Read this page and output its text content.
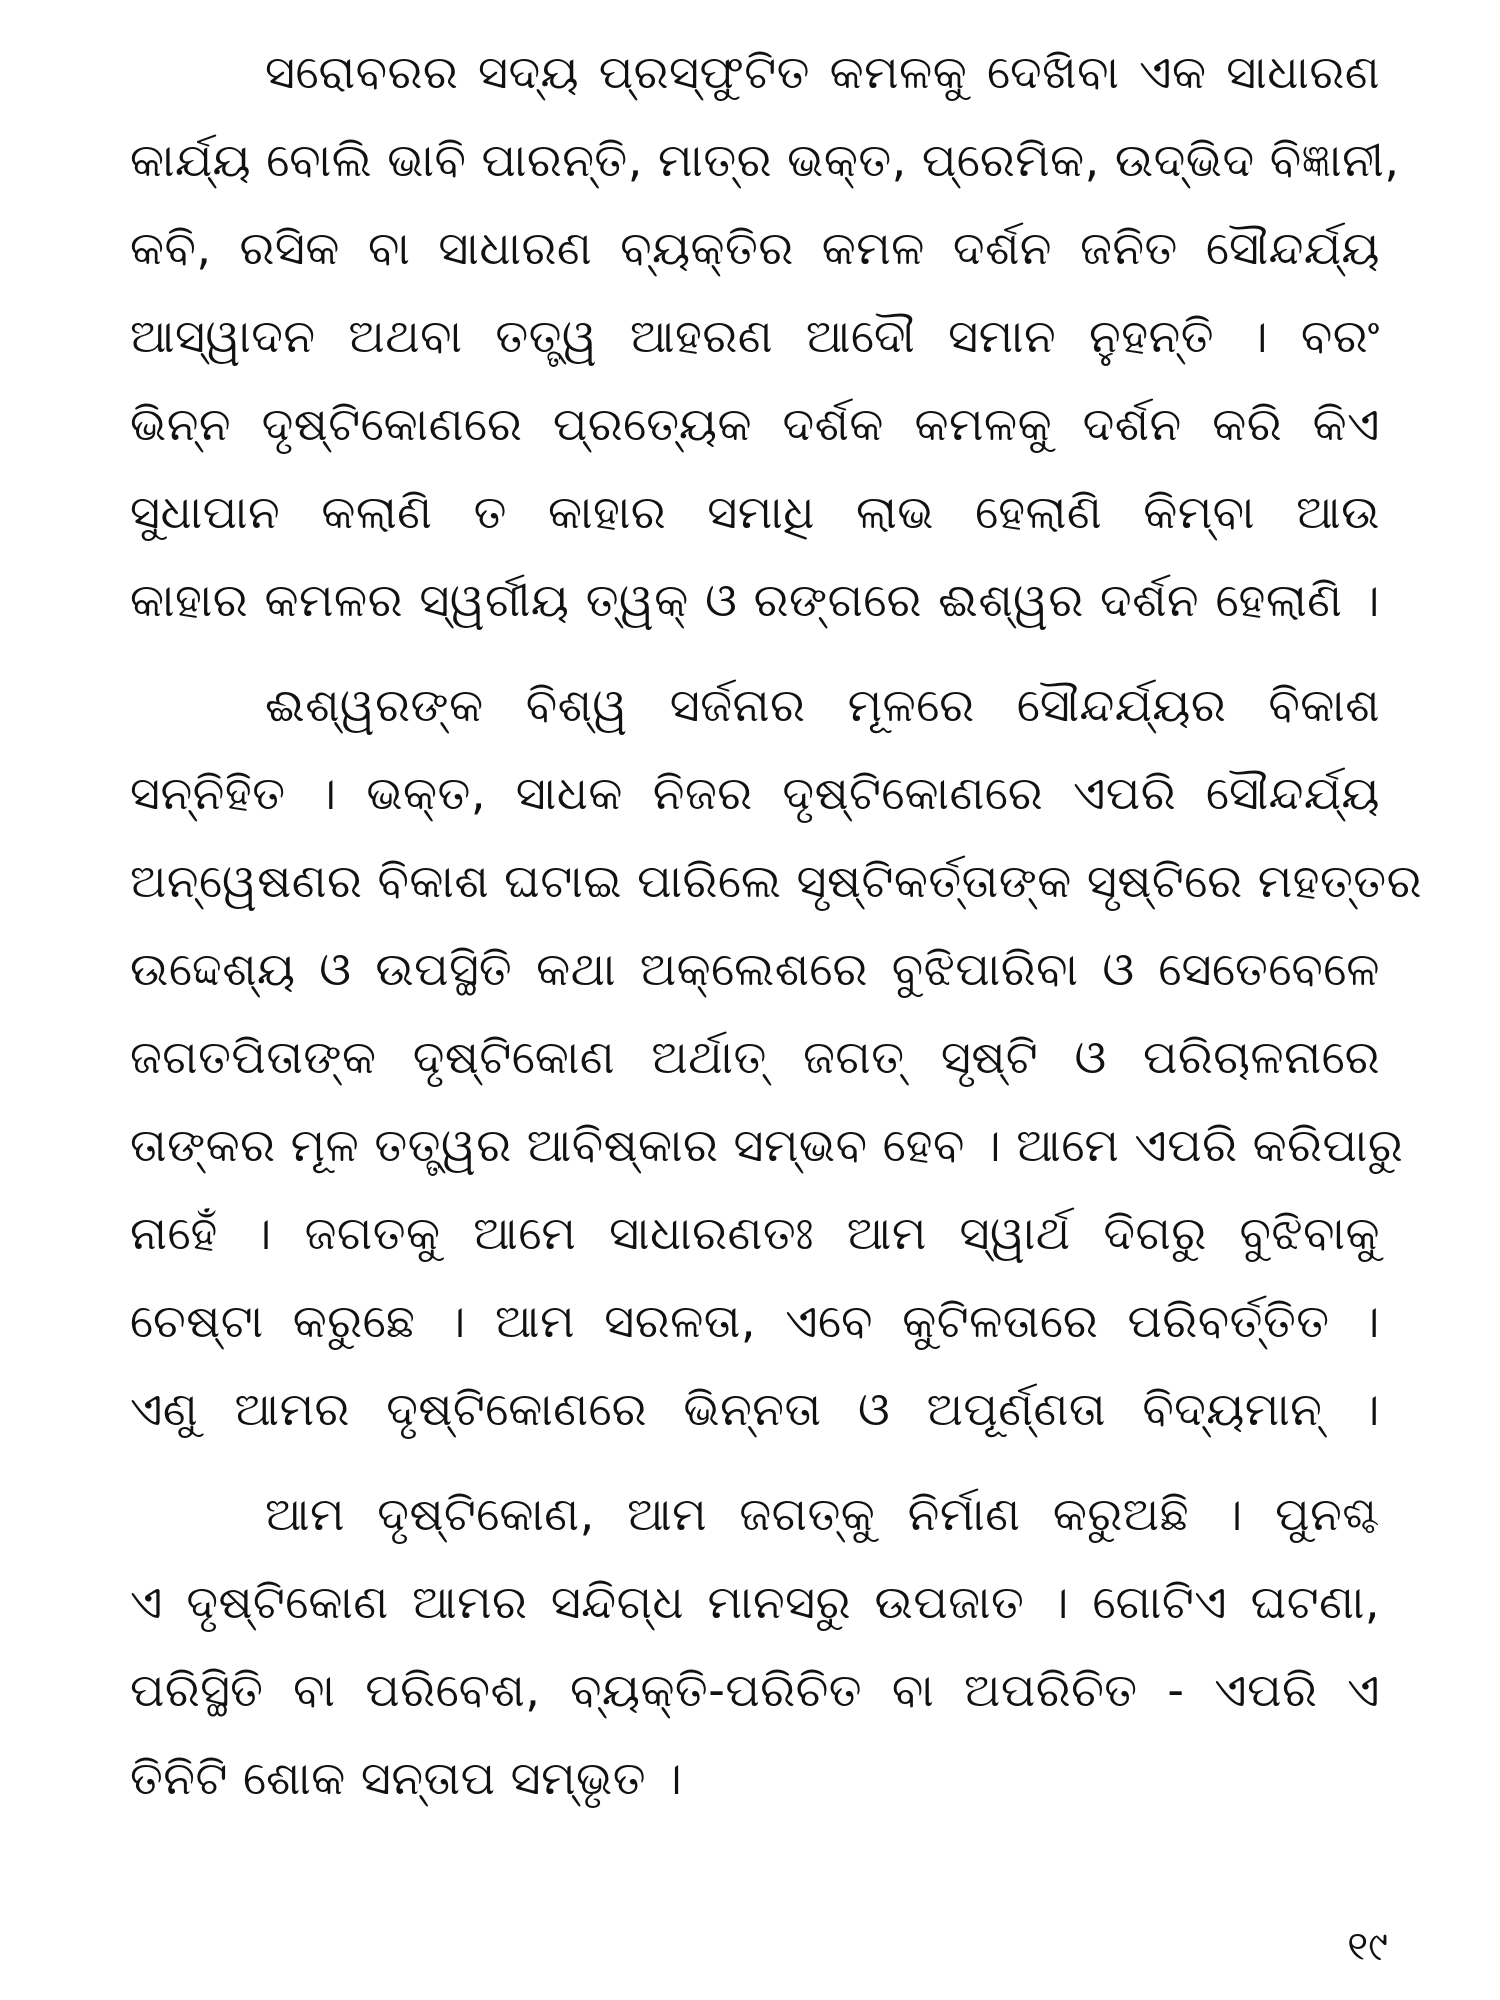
ସରୋବରର ସଦ୍ୟ ପ୍ରସ୍ଫୁଟିତ କମଳକୁ ଦେଖିବା ଏକ ସାଧାରଣ
କାର୍ଯ୍ୟ ବୋଲି ଭାବି ପାରନ୍ତି, ମାତ୍ର ଭକ୍ତ, ପ୍ରେମିକ, ଉଦ୍ଭିଦ ବିଜ୍ଞାନୀ,
କବି, ରସିକ ବା ସାଧାରଣ ବ୍ୟକ୍ତିର କମଳ ଦର୍ଶନ ଜନିତ ସୌନ୍ଦର୍ଯ୍ୟ
ଆସ୍ୱାଦନ ଅଥବା ତତ୍ତ୍ୱ ଆହରଣ ଆଦୌ ସମାନ ନୁହନ୍ତି । ବରଂ
ଭିନ୍ନ ଦୃଷ୍ଟିକୋଣରେ ପ୍ରତ୍ୟେକ ଦର୍ଶକ କମଳକୁ ଦର୍ଶନ କରି କିଏ
ସୁଧାପାନ କଲାଣି ତ କାହାର ସମାଧି ଲାଭ ହେଲାଣି କିମ୍ବା ଆଉ
କାହାର କମଳର ସ୍ୱର୍ଗୀୟ ତ୍ୱକ୍ ଓ ରଙ୍ଗରେ ଈଶ୍ୱର ଦର୍ଶନ ହେଲାଣି ।
ଈଶ୍ୱରଙ୍କ ବିଶ୍ୱ ସର୍ଜନାର ମୂଳରେ ସୌନ୍ଦର୍ଯ୍ୟର ବିକାଶ
ସନ୍ନିହିତ । ଭକ୍ତ, ସାଧକ ନିଜର ଦୃଷ୍ଟିକୋଣରେ ଏପରି ସୌନ୍ଦର୍ଯ୍ୟ
ଅନ୍ୱେଷଣର ବିକାଶ ଘଟାଇ ପାରିଲେ ସୃଷ୍ଟିକର୍ତ୍ତାଙ୍କ ସୃଷ୍ଟିରେ ମହତ୍ତର
ଉଦ୍ଦେଶ୍ୟ ଓ ଉପସ୍ଥିତି କଥା ଅକ୍ଲେଶରେ ବୁଝିପାରିବା ଓ ସେତେବେଳେ
ଜଗତପିତାଙ୍କ ଦୃଷ୍ଟିକୋଣ ଅର୍ଥାତ୍ ଜଗତ୍ ସୃଷ୍ଟି ଓ ପରିଚାଳନାରେ
ତାଙ୍କର ମୂଳ ତତ୍ତ୍ୱର ଆବିଷ୍କାର ସମ୍ଭବ ହେବ । ଆମେ ଏପରି କରିପାରୁ
ନାହେଁ । ଜଗତକୁ ଆମେ ସାଧାରଣତଃ ଆମ ସ୍ୱାର୍ଥ ଦିଗରୁ ବୁଝିବାକୁ
ଚେଷ୍ଟା କରୁଛେ । ଆମ ସରଳତା, ଏବେ କୁଟିଳତାରେ ପରିବର୍ତ୍ତିତ ।
ଏଣୁ ଆମର ଦୃଷ୍ଟିକୋଣରେ ଭିନ୍ନତା ଓ ଅପୂର୍ଣ୍ଣତା ବିଦ୍ୟମାନ୍ ।
ଆମ ଦୃଷ୍ଟିକୋଣ, ଆମ ଜଗତ୍‌କୁ ନିର୍ମାଣ କରୁଅଛି । ପୁନଶ୍ଚ
ଏ ଦୃଷ୍ଟିକୋଣ ଆମର ସନ୍ଦିଗ୍ଧ ମାନସରୁ ଉପଜାତ । ଗୋଟିଏ ଘଟଣା,
ପରିସ୍ଥିତି ବା ପରିବେଶ, ବ୍ୟକ୍ତି-ପରିଚିତ ବା ଅପରିଚିତ - ଏପରି ଏ
ତିନିଟି ଶୋକ ସନ୍ତାପ ସମ୍ଭୃତ ।
୧୯
